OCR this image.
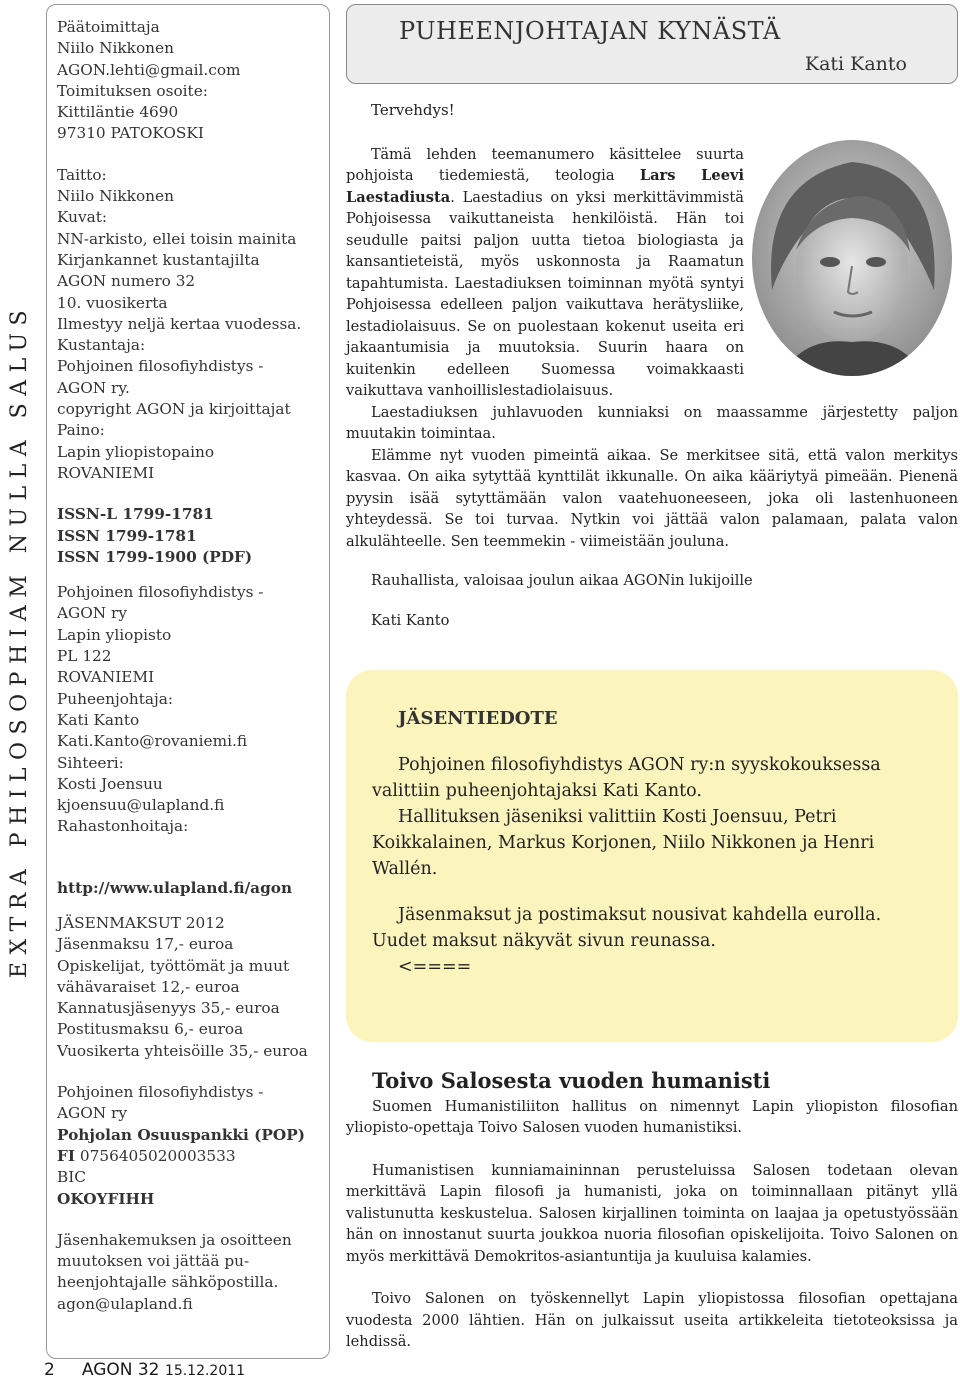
EXTRA PHILOSOPHIAM NULLA SALUS
Päätoimittaja
Niilo Nikkonen
AGON.lehti@gmail.com
Toimituksen osoite:
Kittiläntie 4690
97310 PATOKOSKI
Taitto:
Niilo Nikkonen
Kuvat:
NN-arkisto, ellei toisin mainita
Kirjankannet kustantajilta
AGON numero 32
10. vuosikerta
Ilmestyy neljä kertaa vuodessa.
Kustantaja:
Pohjoinen filosofiyhdistys -
AGON ry.
copyright AGON ja kirjoittajat
Paino:
Lapin yliopistopaino
ROVANIEMI
ISSN-L 1799-1781
ISSN 1799-1781
ISSN 1799-1900 (PDF)
Pohjoinen filosofiyhdistys -
AGON ry
Lapin yliopisto
PL 122
ROVANIEMI
Puheenjohtaja:
Kati Kanto
Kati.Kanto@rovaniemi.fi
Sihteeri:
Kosti Joensuu
kjoensuu@ulapland.fi
Rahastonhoitaja:
http://www.ulapland.fi/agon
JÄSENMAKSUT 2012
Jäsenmaksu 17,- euroa
Opiskelijat, työttömät ja muut
vähävaraiset 12,- euroa
Kannatusjäsenyys 35,- euroa
Postitusmaksu 6,- euroa
Vuosikerta yhteisöille 35,- euroa
Pohjoinen filosofiyhdistys -
AGON ry
Pohjolan Osuuspankki (POP)
FI 0756405020003533
BIC
OKOYFIHH
Jäsenhakemuksen ja osoitteen
muutoksen voi jättää pu-
heenjohtajalle sähköpostilla.
agon@ulapland.fi
2 AGON 32 15.12.2011
PUHEENJOHTAJAN KYNÄSTÄ
Kati Kanto

Tervehdys!

Tämä lehden teemanumero käsittelee suurta pohjoista tiedemiestä, teologia Lars Leevi Laestadiusta. Laestadius on yksi merkittävimmistä Pohjoisessa vaikuttaneista henkilöistä. Hän toi seudulle paitsi paljon uutta tietoa biologiasta ja kansantieteistä, myös uskonnosta ja Raamatun tapahtumista. Laestadiuksen toiminnan myötä syntyi Pohjoisessa edelleen paljon vaikuttava herätysliike, lestadiolaisuus. Se on puolestaan kokenut useita eri jakaantumisia ja muutoksia. Suurin haara on kuitenkin edelleen Suomessa voimakkaasti vaikuttava vanhoillislestadiolaisuus.

Laestadiuksen juhlavuoden kunniaksi on maassamme järjestetty paljon muutakin toimintaa.

Elämme nyt vuoden pimeintä aikaa. Se merkitsee sitä, että valon merkitys kasvaa. On aika sytyttää kynttilät ikkunalle. On aika kääriytyä pimeään. Pienenä pyysin isää sytyttämään valon vaatehuoneeseen, joka oli lastenhuoneen yhteydessä. Se toi turvaa. Nytkin voi jättää valon palamaan, palata valon alkulähteelle. Sen teemmekin - viimeistään jouluna.

Rauhallista, valoisaa joulun aikaa AGONin lukijoille

Kati Kanto

JÄSENTIEDOTE

Pohjoinen filosofiyhdistys AGON ry:n syyskokouksessa valittiin puheenjohtajaksi Kati Kanto.

Hallituksen jäseniksi valittiin Kosti Joensuu, Petri Koikkalainen, Markus Korjonen, Niilo Nikkonen ja Henri Wallén.

Jäsenmaksut ja postimaksut nousivat kahdella eurolla. Uudet maksut näkyvät sivun reunassa.

<====

Toivo Salosesta vuoden humanisti

Suomen Humanistiliiton hallitus on nimennyt Lapin yliopiston filosofian yliopisto-opettaja Toivo Salosen vuoden humanistiksi.

Humanistisen kunniamaininnan perusteluissa Salosen todetaan olevan merkittävä Lapin filosofi ja humanisti, joka on toiminnallaan pitänyt yllä valistunutta keskustelua. Salosen kirjallinen toiminta on laajaa ja opetustyössään hän on innostanut suurta joukkoa nuoria filosofian opiskelijoita. Toivo Salonen on myös merkittävä Demokritos-asiantuntija ja kuuluisa kalamies.

Toivo Salonen on työskennellyt Lapin yliopistossa filosofian opettajana vuodesta 2000 lähtien. Hän on julkaissut useita artikkeleita tietoteoksissa ja lehdissä.
